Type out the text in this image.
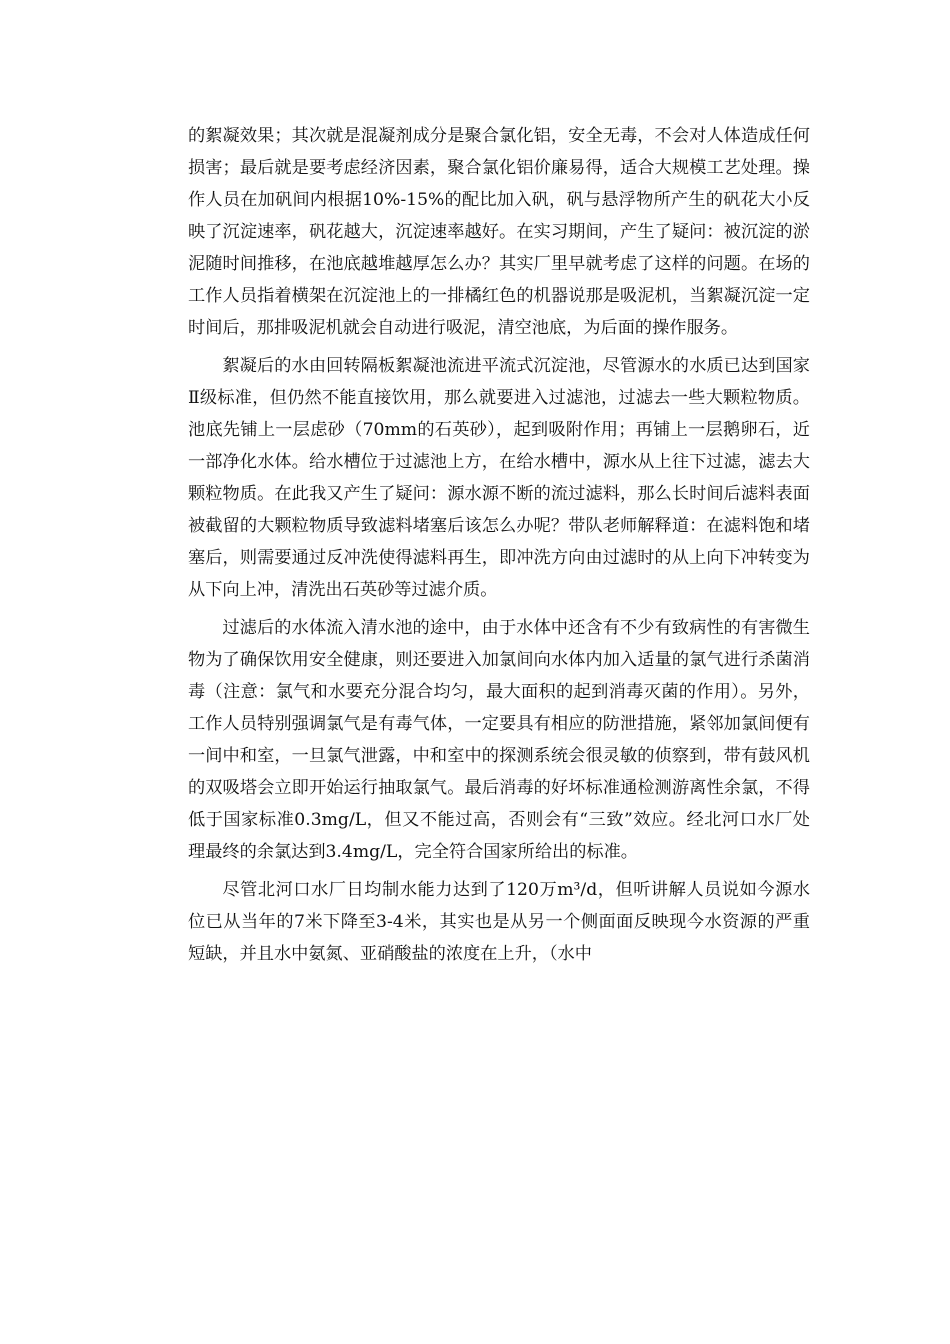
的絮凝效果；其次就是混凝剂成分是聚合氯化铝，安全无毒，不会对人体造成任何损害；最后就是要考虑经济因素，聚合氯化铝价廉易得，适合大规模工艺处理。操作人员在加矾间内根据10%-15%的配比加入矾，矾与悬浮物所产生的矾花大小反映了沉淀速率，矾花越大，沉淀速率越好。在实习期间，产生了疑问：被沉淀的淤泥随时间推移，在池底越堆越厚怎么办？其实厂里早就考虑了这样的问题。在场的工作人员指着横架在沉淀池上的一排橘红色的机器说那是吸泥机，当絮凝沉淀一定时间后，那排吸泥机就会自动进行吸泥，清空池底，为后面的操作服务。

絮凝后的水由回转隔板絮凝池流进平流式沉淀池，尽管源水的水质已达到国家Ⅱ级标准，但仍然不能直接饮用，那么就要进入过滤池，过滤去一些大颗粒物质。池底先铺上一层虑砂（70mm的石英砂），起到吸附作用；再铺上一层鹅卵石，近一部净化水体。给水槽位于过滤池上方，在给水槽中，源水从上往下过滤，滤去大颗粒物质。在此我又产生了疑问：源水源不断的流过滤料，那么长时间后滤料表面被截留的大颗粒物质导致滤料堵塞后该怎么办呢？带队老师解释道：在滤料饱和堵塞后，则需要通过反冲洗使得滤料再生，即冲洗方向由过滤时的从上向下冲转变为从下向上冲，清洗出石英砂等过滤介质。

过滤后的水体流入清水池的途中，由于水体中还含有不少有致病性的有害微生物为了确保饮用安全健康，则还要进入加氯间向水体内加入适量的氯气进行杀菌消毒（注意：氯气和水要充分混合均匀，最大面积的起到消毒灭菌的作用）。另外，工作人员特别强调氯气是有毒气体，一定要具有相应的防泄措施，紧邻加氯间便有一间中和室，一旦氯气泄露，中和室中的探测系统会很灵敏的侦察到，带有鼓风机的双吸塔会立即开始运行抽取氯气。最后消毒的好坏标准通检测游离性余氯，不得低于国家标准0.3mg/L，但又不能过高，否则会有“三致”效应。经北河口水厂处理最终的余氯达到3.4mg/L，完全符合国家所给出的标准。

尽管北河口水厂日均制水能力达到了120万m³/d，但听讲解人员说如今源水位已从当年的7米下降至3-4米，其实也是从另一个侧面面反映现今水资源的严重短缺，并且水中氨氮、亚硝酸盐的浓度在上升，（水中
